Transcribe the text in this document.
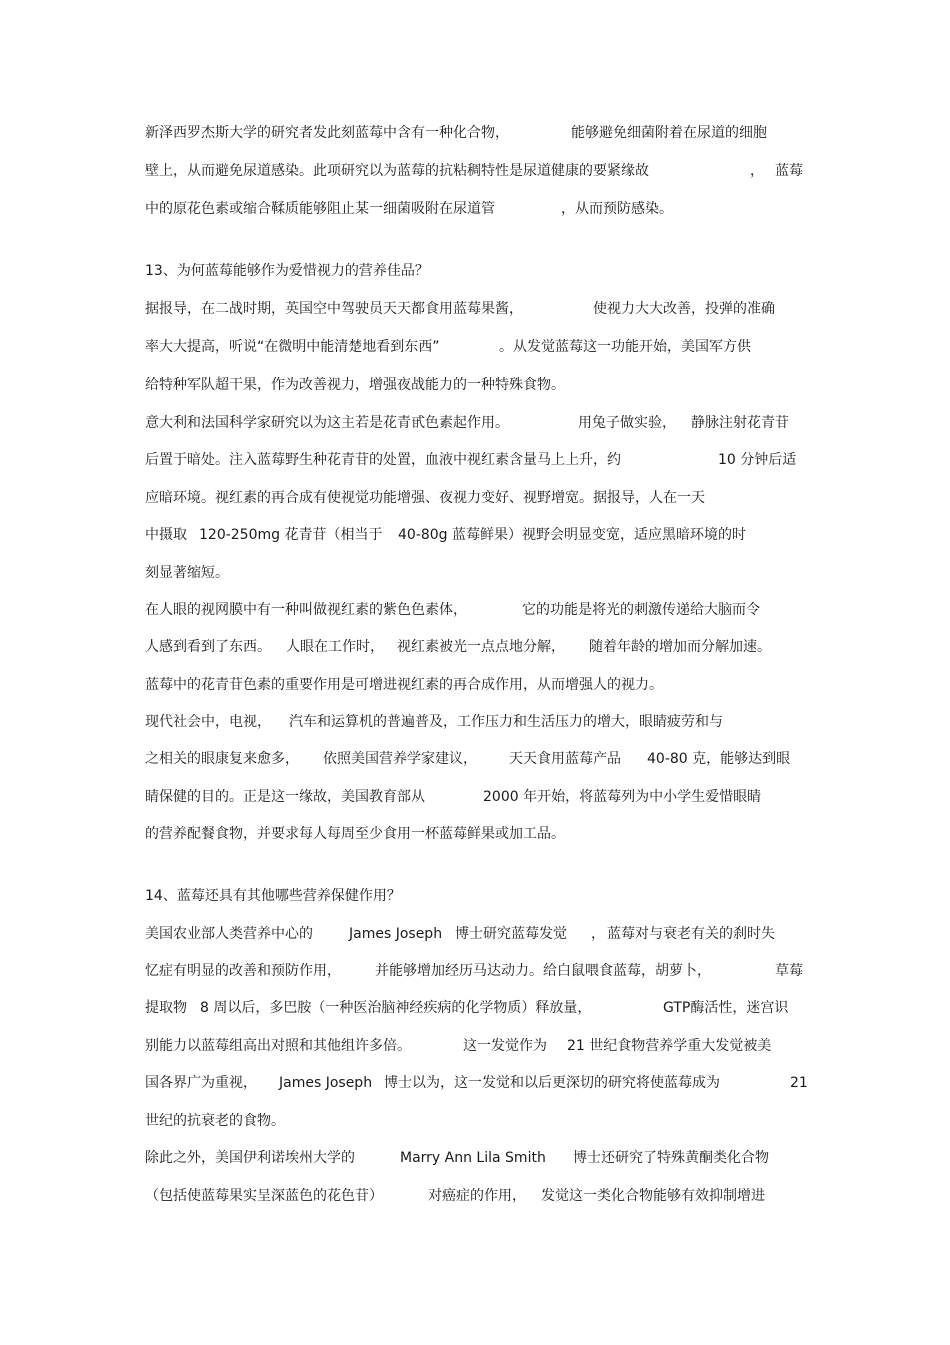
新泽西罗杰斯大学的研究者发此刻蓝莓中含有一种化合物，	能够避免细菌附着在尿道的细胞
壁上，从而避免尿道感染。此项研究以为蓝莓的抗粘稠特性是尿道健康的要紧缘故	， 蓝莓
中的原花色素或缩合鞣质能够阻止某一细菌吸附在尿道管	，从而预防感染。
13、为何蓝莓能够作为爱惜视力的营养佳品？
据报导，在二战时期，英国空中驾驶员天天都食用蓝莓果酱，	使视力大大改善，投弹的准确
率大大提高，听说“在微明中能清楚地看到东西”	。从发觉蓝莓这一功能开始，美国军方供
给特种军队超干果，作为改善视力，增强夜战能力的一种特殊食物。
意大利和法国科学家研究以为这主若是花青甙色素起作用。	用兔子做实验， 静脉注射花青苷
后置于暗处。注入蓝莓野生种花青苷的处置，血液中视红素含量马上上升，约	10 分钟后适
应暗环境。视红素的再合成有使视觉功能增强、夜视力变好、视野增宽。据报导，人在一天
中摄取 120-250mg 花青苷（相当于 40-80g 蓝莓鲜果）视野会明显变宽，适应黑暗环境的时
刻显著缩短。
在人眼的视网膜中有一种叫做视红素的紫色色素体，	它的功能是将光的刺激传递给大脑而令
人感到看到了东西。 人眼在工作时， 视红素被光一点点地分解， 随着年龄的增加而分解加速。
蓝莓中的花青苷色素的重要作用是可增进视红素的再合成作用，从而增强人的视力。
现代社会中，电视， 汽车和运算机的普遍普及，工作压力和生活压力的增大，眼睛疲劳和与
之相关的眼康复来愈多， 依照美国营养学家建议， 天天食用蓝莓产品 40-80 克，能够达到眼
睛保健的目的。正是这一缘故，美国教育部从	2000 年开始，将蓝莓列为中小学生爱惜眼睛
的营养配餐食物，并要求每人每周至少食用一杯蓝莓鲜果或加工品。
14、蓝莓还具有其他哪些营养保健作用？
美国农业部人类营养中心的	James Joseph 博士研究蓝莓发觉 ， 蓝莓对与衰老有关的刹时失
忆症有明显的改善和预防作用， 并能够增加经历马达动力。给白鼠喂食蓝莓，胡萝卜，	草莓
提取物 8 周以后，多巴胺（一种医治脑神经疾病的化学物质）释放量，	GTP酶活性，迷宫识
别能力以蓝莓组高出对照和其他组许多倍。	这一发觉作为 21 世纪食物营养学重大发觉被美
国各界广为重视， James Joseph 博士以为，这一发觉和以后更深切的研究将使蓝莓成为	21
世纪的抗衰老的食物。
除此之外，美国伊利诺埃州大学的	Marry Ann Lila Smith 博士还研究了特殊黄酮类化合物
（包括使蓝莓果实呈深蓝色的花色苷）	对癌症的作用， 发觉这一类化合物能够有效抑制增进
